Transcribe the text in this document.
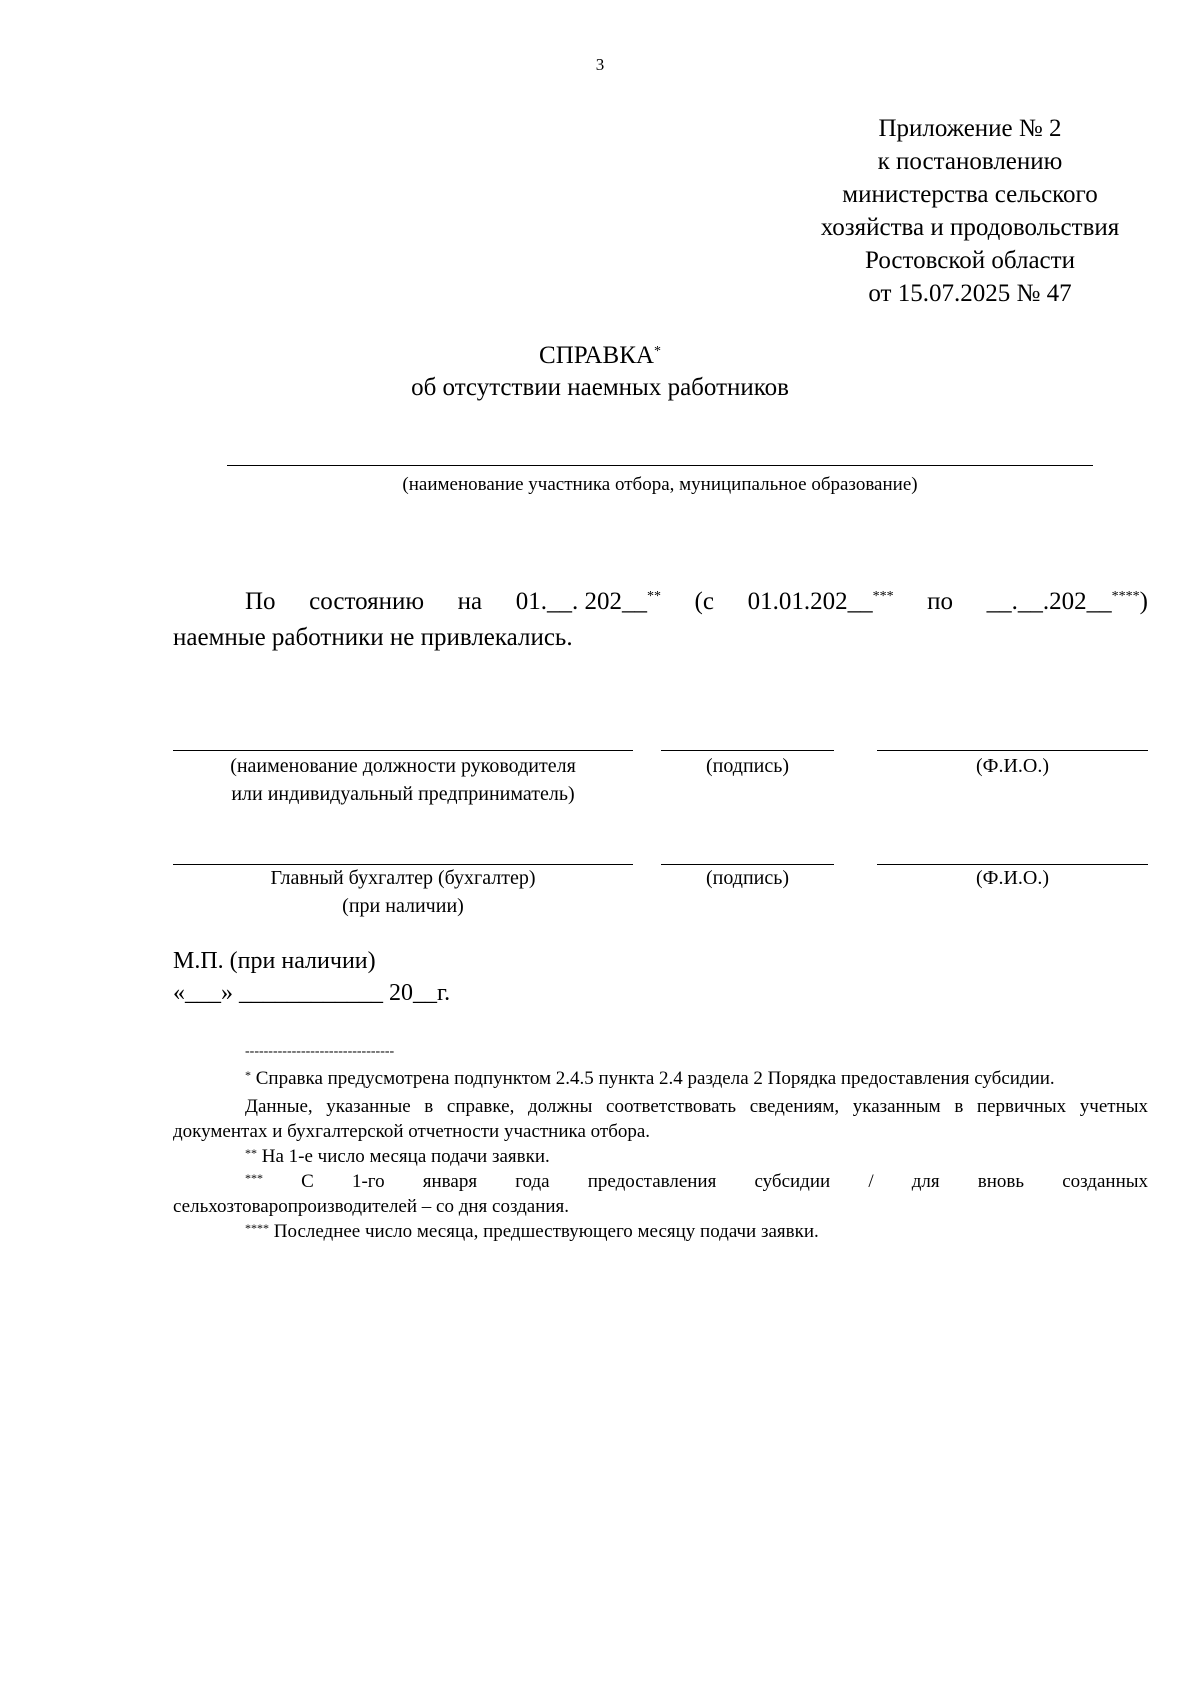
3
Приложение № 2
к постановлению
министерства сельского
хозяйства и продовольствия
Ростовской области
от 15.07.2025 № 47
СПРАВКА*
об отсутствии наемных работников
(наименование участника отбора, муниципальное образование)
По состоянию на 01.__. 202__** (с 01.01.202__*** по __.__.202__****)
наемные работники не привлекались.
(наименование должности руководителя
или индивидуальный предприниматель)
(подпись)	(Ф.И.О.)
Главный бухгалтер (бухгалтер)
(при наличии)
(подпись)	(Ф.И.О.)
М.П. (при наличии)
«___» ____________ 20__г.
--------------------------------

* Справка предусмотрена подпунктом 2.4.5 пункта 2.4 раздела 2 Порядка предоставления субсидии.

Данные, указанные в справке, должны соответствовать сведениям, указанным в первичных учетных документах и бухгалтерской отчетности участника отбора.

** На 1-е число месяца подачи заявки.

*** С 1-го января года предоставления субсидии / для вновь созданных

сельхозтоваропроизводителей – со дня создания.

**** Последнее число месяца, предшествующего месяцу подачи заявки.
